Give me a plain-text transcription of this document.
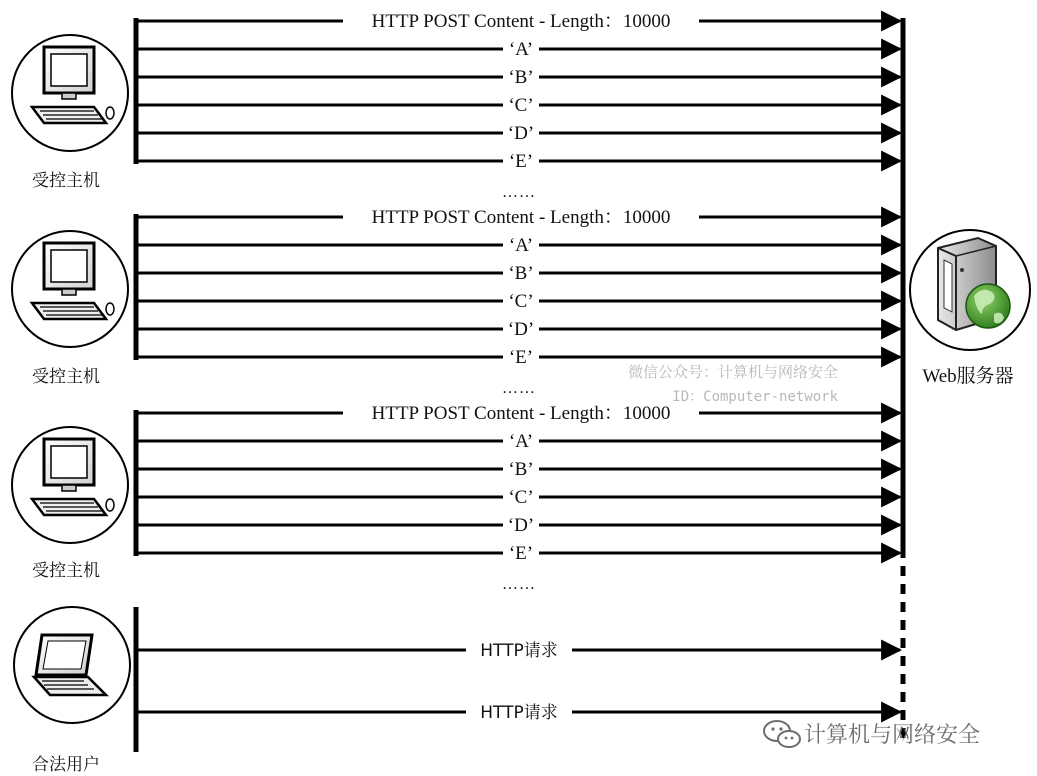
HTTP POST Content - Length：10000
‘A’
‘B’
‘C’
‘D’
‘E’
……
受控主机
HTTP POST Content - Length：10000
‘A’
‘B’
‘C’
‘D’
‘E’
……
受控主机
HTTP POST Content - Length：10000
‘A’
‘B’
‘C’
‘D’
‘E’
……
受控主机
HTTP请求
HTTP请求
合法用户
Web服务器
微信公众号：计算机与网络安全
ID：Computer-network
计算机与网络安全
